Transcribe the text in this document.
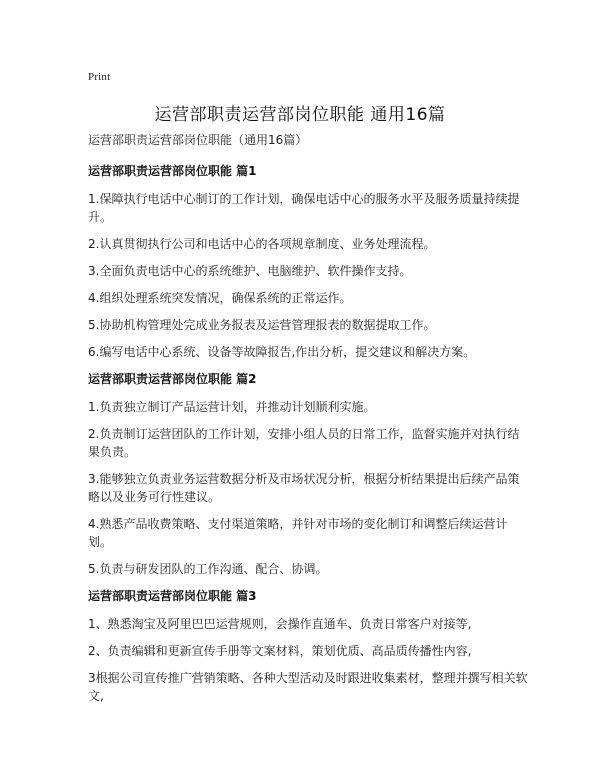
Print
运营部职责运营部岗位职能 通用16篇
运营部职责运营部岗位职能（通用16篇）
运营部职责运营部岗位职能 篇1
1.保障执行电话中心制订的工作计划，确保电话中心的服务水平及服务质量持续提升。
2.认真贯彻执行公司和电话中心的各项规章制度、业务处理流程。
3.全面负责电话中心的系统维护、电脑维护、软件操作支持。
4.组织处理系统突发情况，确保系统的正常运作。
5.协助机构管理处完成业务报表及运营管理报表的数据提取工作。
6.编写电话中心系统、设备等故障报告,作出分析，提交建议和解决方案。
运营部职责运营部岗位职能 篇2
1.负责独立制订产品运营计划，并推动计划顺利实施。
2.负责制订运营团队的工作计划，安排小组人员的日常工作，监督实施并对执行结果负责。
3.能够独立负责业务运营数据分析及市场状况分析，根据分析结果提出后续产品策略以及业务可行性建议。
4.熟悉产品收费策略、支付渠道策略，并针对市场的变化制订和调整后续运营计划。
5.负责与研发团队的工作沟通、配合、协调。
运营部职责运营部岗位职能 篇3
1、熟悉淘宝及阿里巴巴运营规则，会操作直通车、负责日常客户对接等,
2、负责编辑和更新宣传手册等文案材料，策划优质、高品质传播性内容,
3根据公司宣传推广营销策略、各种大型活动及时跟进收集素材，整理并撰写相关软文,
